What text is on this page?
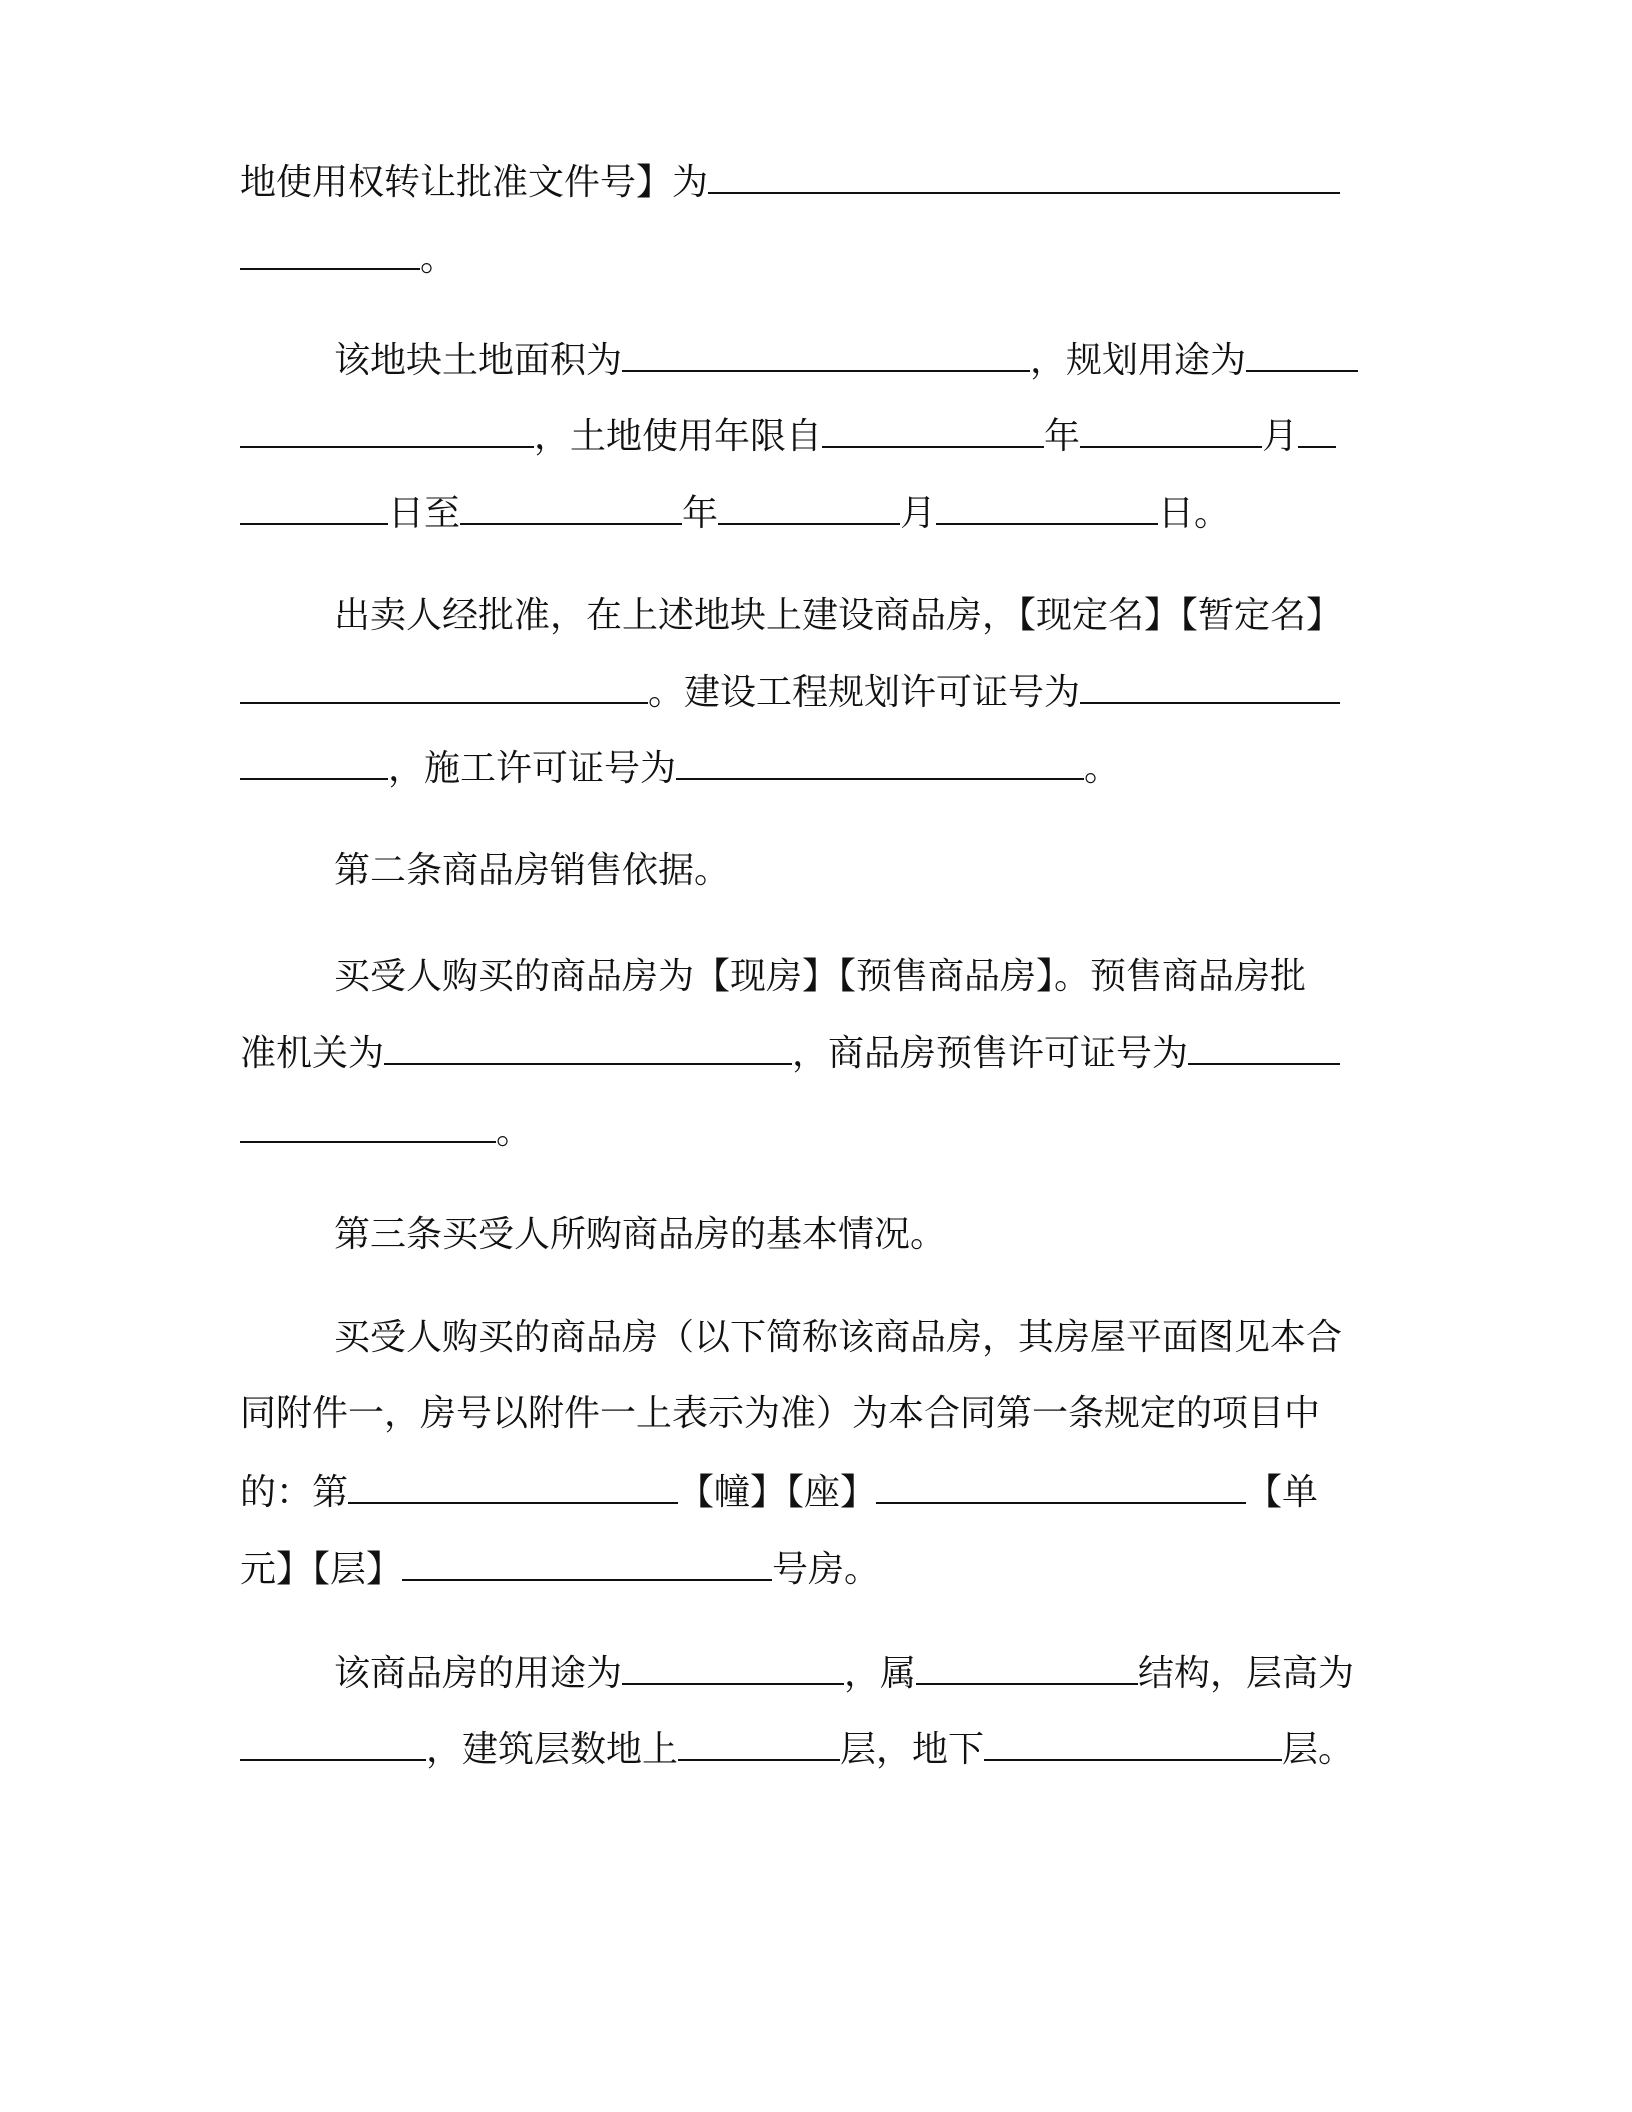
地使用权转让批准文件号】为
。
该地块土地面积为	，规划用途为
，土地使用年限自	年	月
日至	年	月	日。
出卖人经批准，在上述地块上建设商品房，【现定名】【暂定名】
。建设工程规划许可证号为
，施工许可证号为	。
第二条商品房销售依据。
买受人购买的商品房为【现房】【预售商品房】。预售商品房批
准机关为	，商品房预售许可证号为
。
第三条买受人所购商品房的基本情况。
买受人购买的商品房（以下简称该商品房，其房屋平面图见本合
同附件一，房号以附件一上表示为准）为本合同第一条规定的项目中
的：第	【幢】【座】	【单
元】【层】	号房。
该商品房的用途为	，属	结构，层高为
，建筑层数地上	层，地下	层。
